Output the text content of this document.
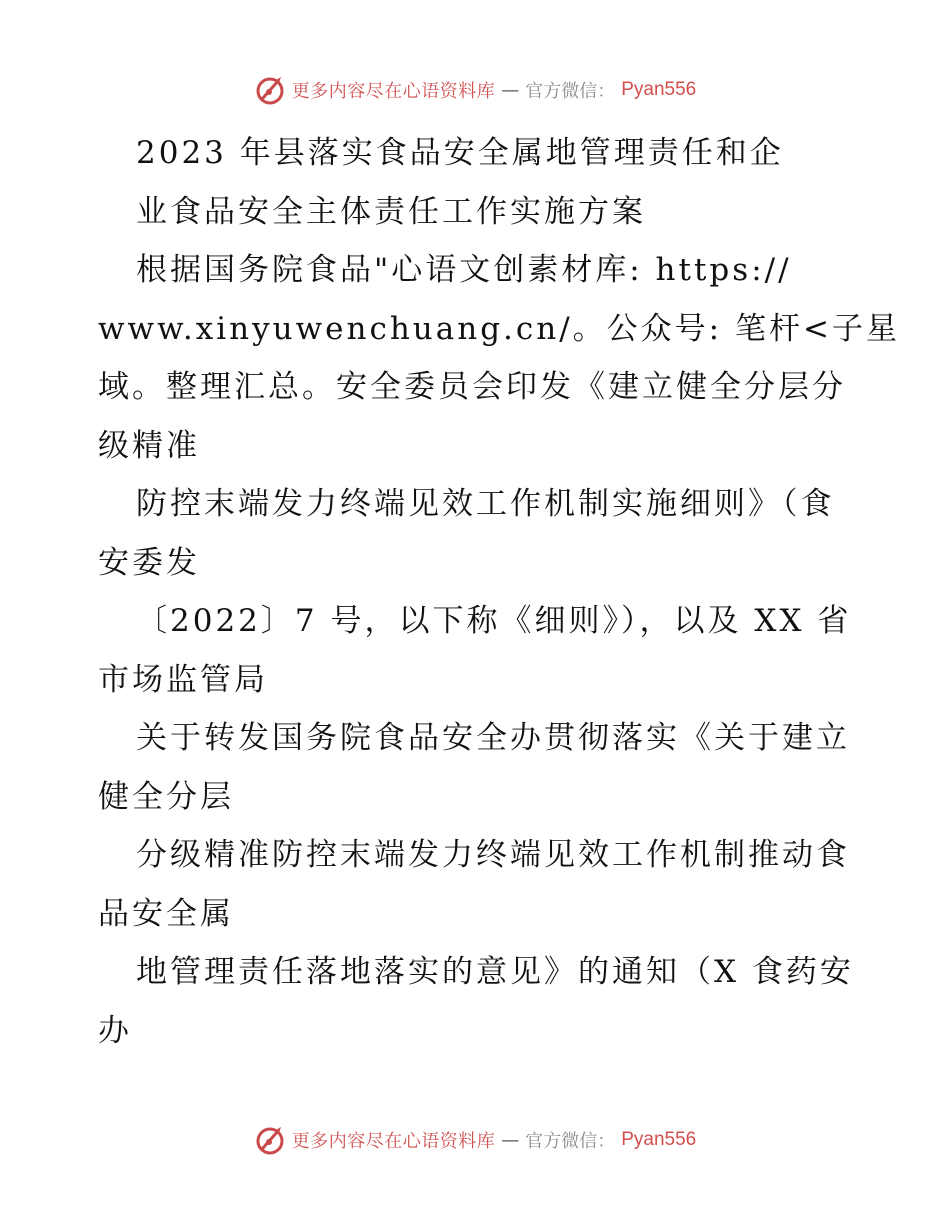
更多内容尽在心语资料库 — 官方微信： Pyan556
2023 年县落实食品安全属地管理责任和企
业食品安全主体责任工作实施方案
根据国务院食品"心语文创素材库: https://
www.xinyuwenchuang.cn/。公众号: 笔杆<子星
域。整理汇总。安全委员会印发《建立健全分层分
级精准
防控末端发力终端见效工作机制实施细则》（食
安委发
〔2022〕7 号，以下称《细则》），以及 XX 省
市场监管局
关于转发国务院食品安全办贯彻落实《关于建立
健全分层
分级精准防控末端发力终端见效工作机制推动食
品安全属
地管理责任落地落实的意见》的通知（X 食药安
办
更多内容尽在心语资料库 — 官方微信： Pyan556
